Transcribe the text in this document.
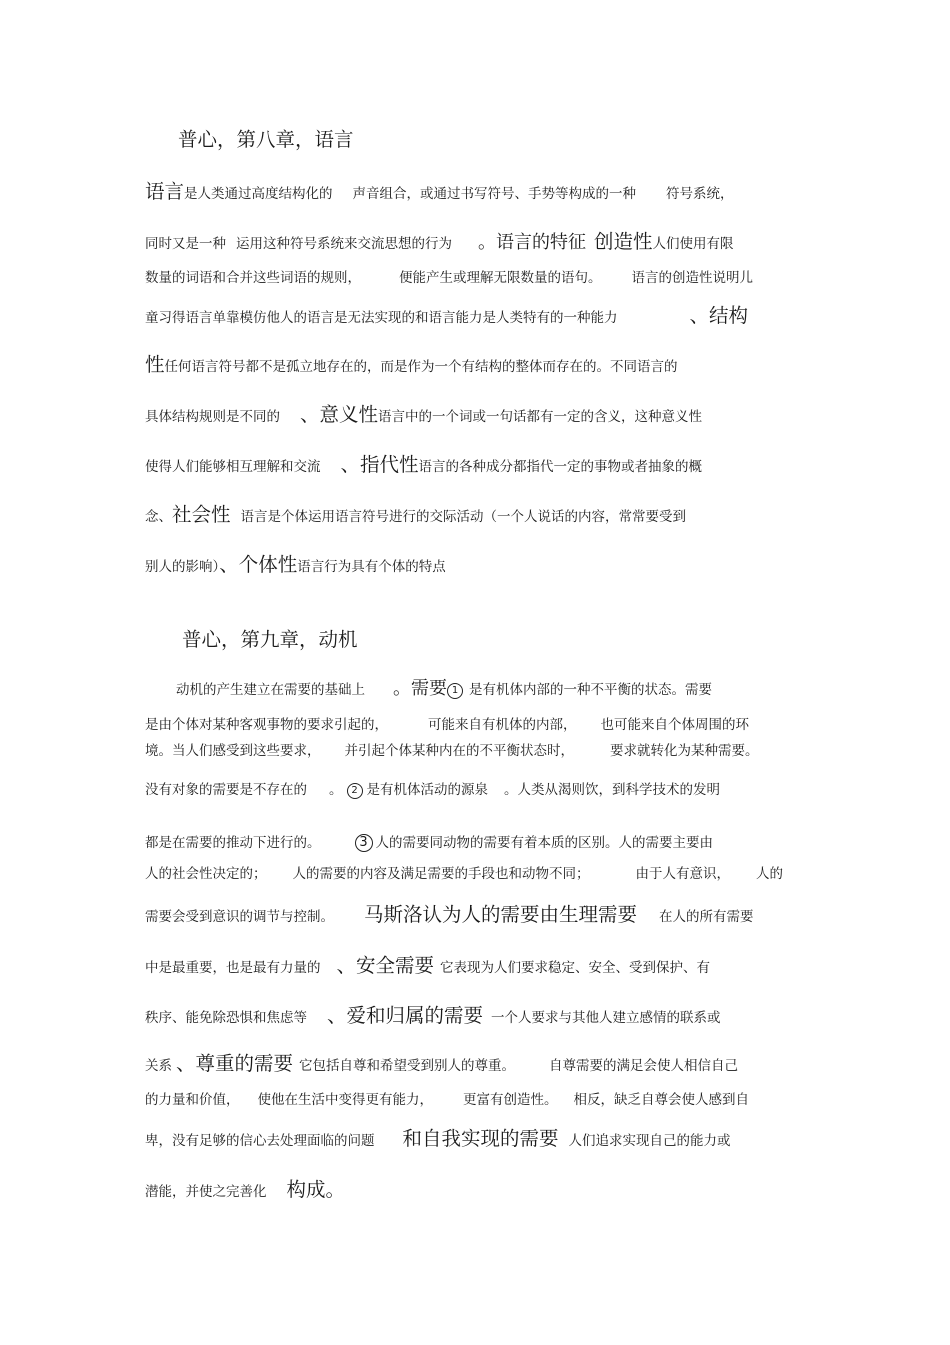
普心，第八章，语言
语言是人类通过高度结构化的 声音组合，或通过书写符号、手势等构成的一种 符号系统，
同时又是一种 运用这种符号系统来交流思想的行为 。语言的特征 创造性人们使用有限
数量的词语和合并这些词语的规则，	便能产生或理解无限数量的语句。 语言的创造性说明儿
童习得语言单靠模仿他人的语言是无法实现的和语言能力是人类特有的一种能力	、结构
性任何语言符号都不是孤立地存在的，而是作为一个有结构的整体而存在的。不同语言的
具体结构规则是不同的 、意义性语言中的一个词或一句话都有一定的含义，这种意义性
使得人们能够相互理解和交流 、指代性语言的各种成分都指代一定的事物或者抽象的概
念、社会性 语言是个体运用语言符号进行的交际活动（一个人说话的内容，常常要受到
别人的影响）、个体性语言行为具有个体的特点
普心，第九章，动机
动机的产生建立在需要的基础上 。需要 1 是有机体内部的一种不平衡的状态。需要
是由个体对某种客观事物的要求引起的，	可能来自有机体的内部， 也可能来自个体周围的环
境。当人们感受到这些要求， 并引起个体某种内在的不平衡状态时，	要求就转化为某种需要。
没有对象的需要是不存在的 。 2 是有机体活动的源泉 。人类从渴则饮，到科学技术的发明
都是在需要的推动下进行的。	3 人的需要同动物的需要有着本质的区别。人的需要主要由
人的社会性决定的； 人的需要的内容及满足需要的手段也和动物不同；	由于人有意识， 人的
需要会受到意识的调节与控制。 马斯洛认为人的需要由生理需要 在人的所有需要
中是最重要，也是最有力量的 、安全需要 它表现为人们要求稳定、安全、受到保护、有
秩序、能免除恐惧和焦虑等 、爱和归属的需要 一个人要求与其他人建立感情的联系或
关系 、尊重的需要 它包括自尊和希望受到别人的尊重。	自尊需要的满足会使人相信自己
的力量和价值， 使他在生活中变得更有能力， 更富有创造性。 相反，缺乏自尊会使人感到自
卑，没有足够的信心去处理面临的问题 和自我实现的需要 人们追求实现自己的能力或
潜能，并使之完善化 构成。
